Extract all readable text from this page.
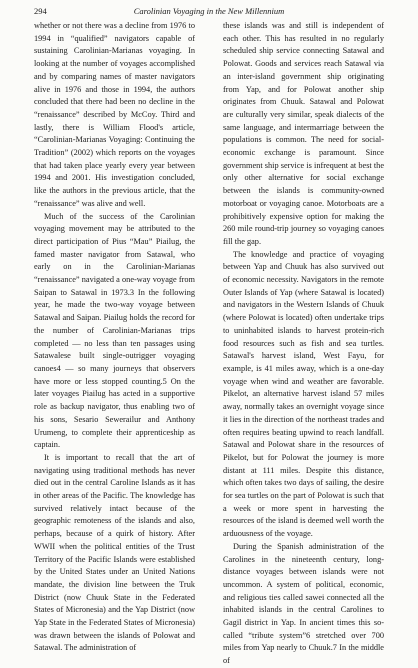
294	Carolinian Voyaging in the New Millennium

whether or not there was a decline from 1976 to 1994 in “qualified” navigators capable of sustaining Carolinian-Marianas voyaging. In looking at the number of voyages accomplished and by comparing names of master navigators alive in 1976 and those in 1994, the authors concluded that there had been no decline in the “renaissance” described by McCoy. Third and lastly, there is William Flood's article, “Carolinian-Marianas Voyaging: Continuing the Tradition” (2002) which reports on the voyages that had taken place yearly every year between 1994 and 2001. His investigation concluded, like the authors in the previous article, that the “renaissance” was alive and well.

Much of the success of the Carolinian voyaging movement may be attributed to the direct participation of Pius “Mau” Piailug, the famed master navigator from Satawal, who early on in the Carolinian-Marianas “renaissance” navigated a one-way voyage from Saipan to Satawal in 1973.3 In the following year, he made the two-way voyage between Satawal and Saipan. Piailug holds the record for the number of Carolinian-Marianas trips completed — no less than ten passages using Satawalese built single-outrigger voyaging canoes4 — so many journeys that observers have more or less stopped counting.5 On the later voyages Piailug has acted in a supportive role as backup navigator, thus enabling two of his sons, Sesario Sewerailur and Anthony Urumeng, to complete their apprenticeship as captain.

It is important to recall that the art of navigating using traditional methods has never died out in the central Caroline Islands as it has in other areas of the Pacific. The knowledge has survived relatively intact because of the geographic remoteness of the islands and also, perhaps, because of a quirk of history. After WWII when the political entities of the Trust Territory of the Pacific Islands were established by the United States under an United Nations mandate, the division line between the Truk District (now Chuuk State in the Federated States of Micronesia) and the Yap District (now Yap State in the Federated States of Micronesia) was drawn between the islands of Polowat and Satawal. The administration of

these islands was and still is independent of each other. This has resulted in no regularly scheduled ship service connecting Satawal and Polowat. Goods and services reach Satawal via an inter-island government ship originating from Yap, and for Polowat another ship originates from Chuuk. Satawal and Polowat are culturally very similar, speak dialects of the same language, and intermarriage between the populations is common. The need for social-economic exchange is paramount. Since government ship service is infrequent at best the only other alternative for social exchange between the islands is community-owned motorboat or voyaging canoe. Motorboats are a prohibitively expensive option for making the 260 mile round-trip journey so voyaging canoes fill the gap.

The knowledge and practice of voyaging between Yap and Chuuk has also survived out of economic necessity. Navigators in the remote Outer Islands of Yap (where Satawal is located) and navigators in the Western Islands of Chuuk (where Polowat is located) often undertake trips to uninhabited islands to harvest protein-rich food resources such as fish and sea turtles. Satawal's harvest island, West Fayu, for example, is 41 miles away, which is a one-day voyage when wind and weather are favorable. Pikelot, an alternative harvest island 57 miles away, normally takes an overnight voyage since it lies in the direction of the northeast trades and often requires beating upwind to reach landfall. Satawal and Polowat share in the resources of Pikelot, but for Polowat the journey is more distant at 111 miles. Despite this distance, which often takes two days of sailing, the desire for sea turtles on the part of Polowat is such that a week or more spent in harvesting the resources of the island is deemed well worth the arduousness of the voyage.

During the Spanish administration of the Carolines in the nineteenth century, long-distance voyages between islands were not uncommon. A system of political, economic, and religious ties called sawei connected all the inhabited islands in the central Carolines to Gagil district in Yap. In ancient times this so-called “tribute system”6 stretched over 700 miles from Yap nearly to Chuuk.7 In the middle of
